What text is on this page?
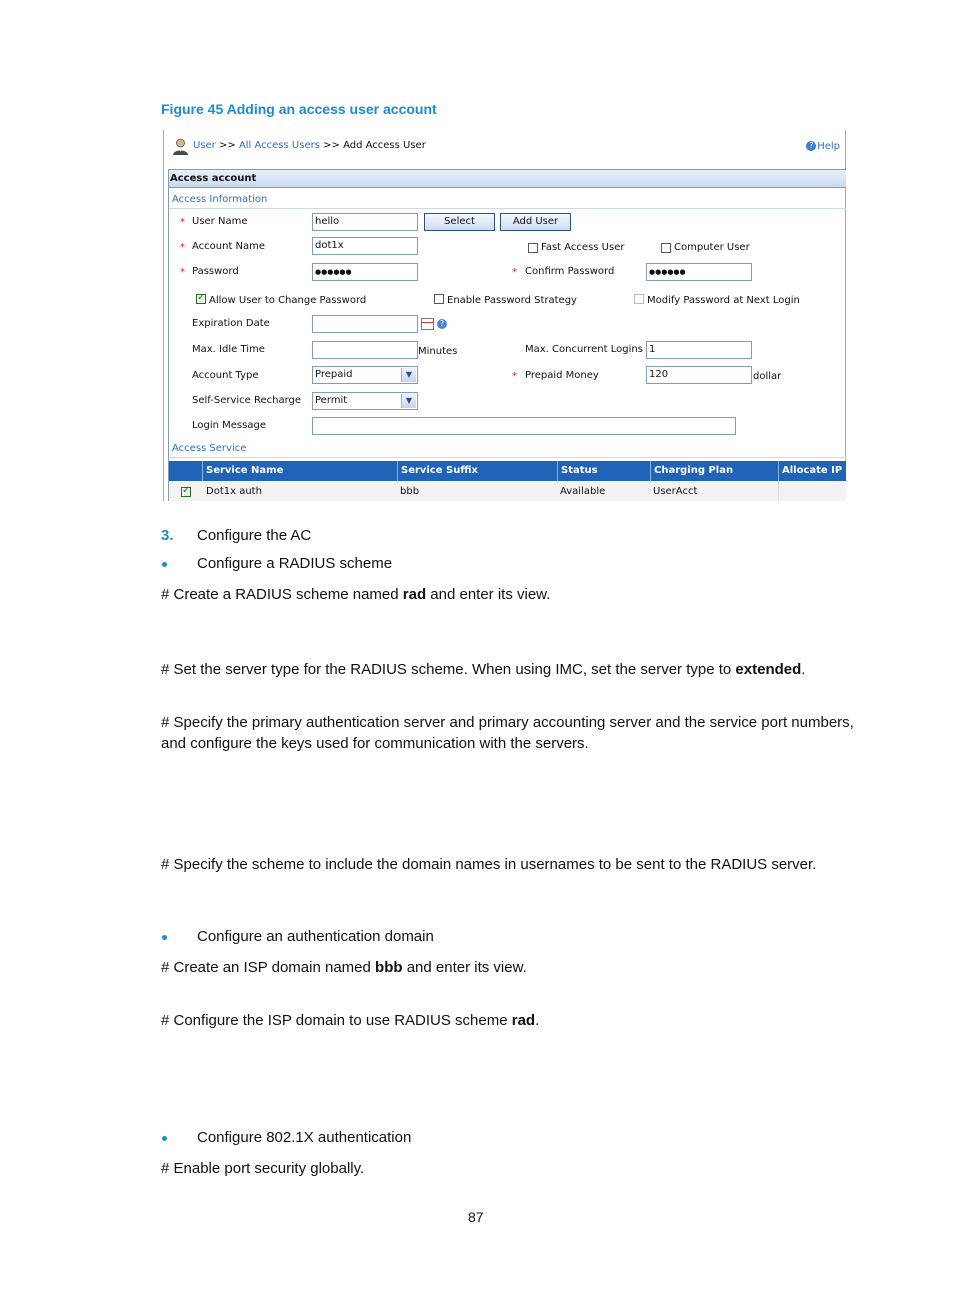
Figure 45 Adding an access user account
User >> All Access Users >> Add Access User	? Help
Access account
Access Information
* User Name	hello	Select	Add User
* Account Name	dot1x	Fast Access User	Computer User
* Password	●●●●●●	* Confirm Password	●●●●●●
✓
Allow User to Change Password	Enable Password Strategy	Modify Password at Next Login
Expiration Date	?
Max. Idle Time	Minutes	Max. Concurrent Logins 1
Account Type	Prepaid	▼	* Prepaid Money	120	dollar
Self-Service Recharge	Permit	▼
Login Message
Access Service
Service Name	Service Suffix	Status	Charging Plan	Allocate IP
✓
Dot1x auth	bbb	Available	UserAcct
3. Configure the AC
Configure a RADIUS scheme
# Create a RADIUS scheme named rad and enter its view.
# Set the server type for the RADIUS scheme. When using IMC, set the server type to extended.
# Specify the primary authentication server and primary accounting server and the service port numbers,
and configure the keys used for communication with the servers.
# Specify the scheme to include the domain names in usernames to be sent to the RADIUS server.
Configure an authentication domain
# Create an ISP domain named bbb and enter its view.
# Configure the ISP domain to use RADIUS scheme rad.
Configure 802.1X authentication
# Enable port security globally.
87
